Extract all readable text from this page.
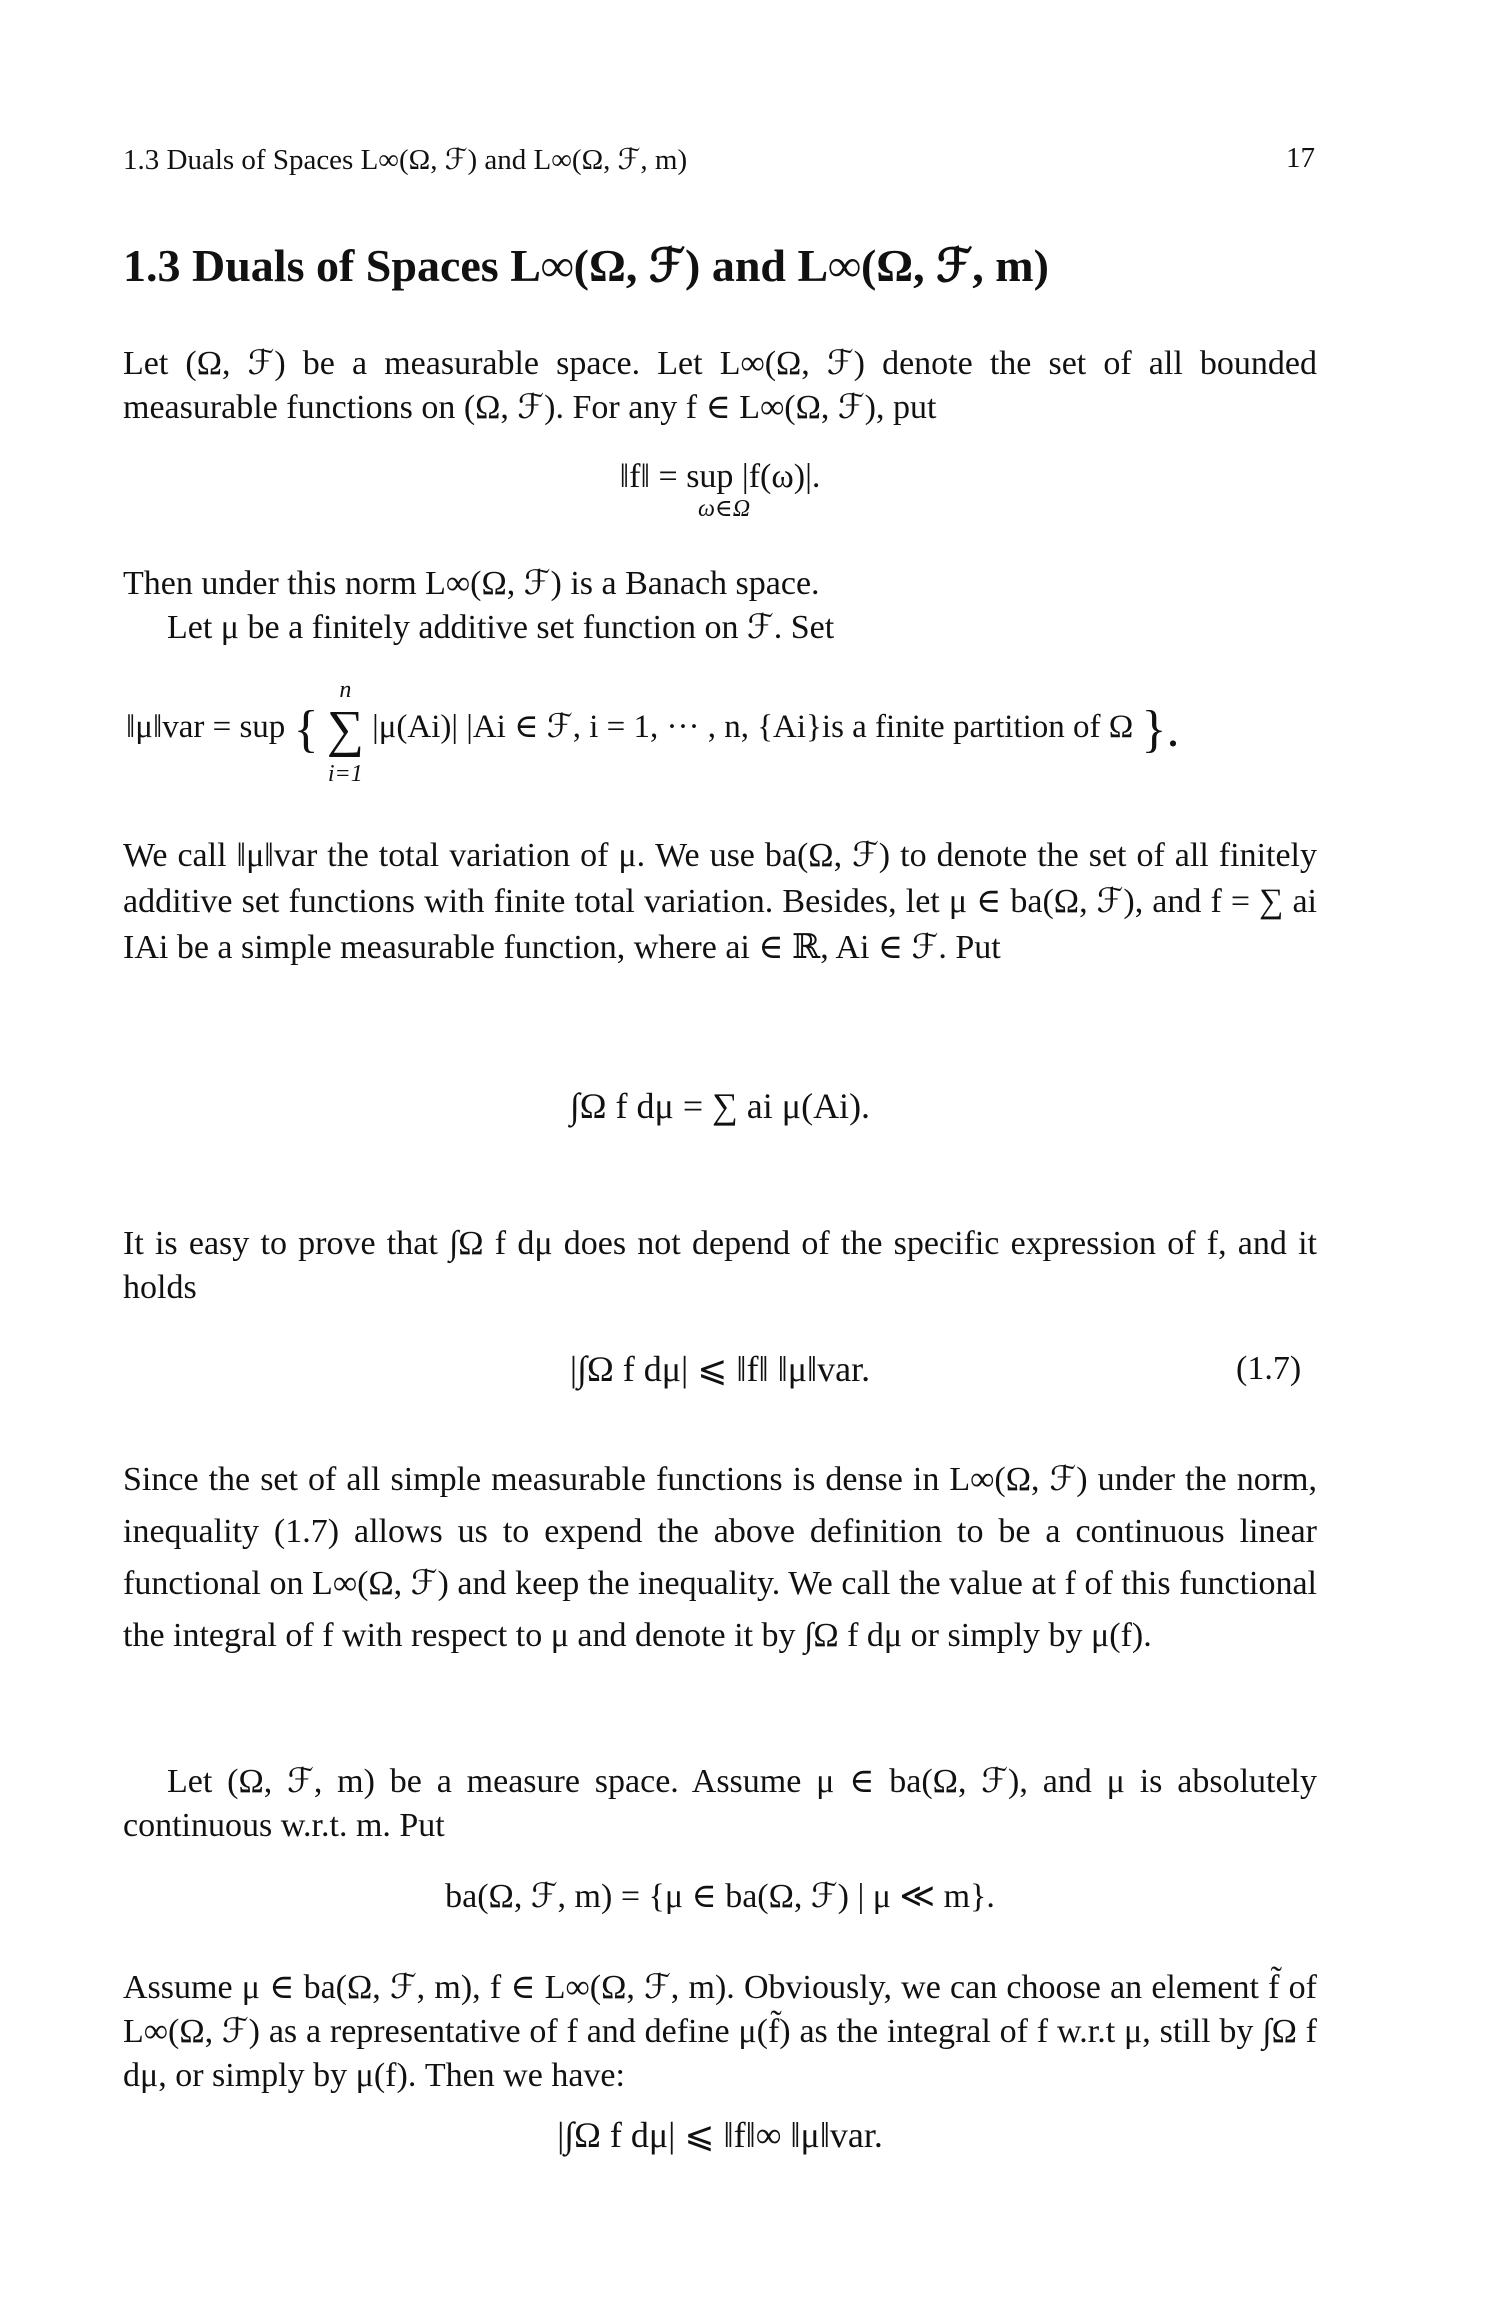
1.3 Duals of Spaces L∞(Ω, ℱ) and L∞(Ω, ℱ, m)	17
1.3 Duals of Spaces L∞(Ω, ℱ) and L∞(Ω, ℱ, m)
Let (Ω, ℱ) be a measurable space. Let L∞(Ω, ℱ) denote the set of all bounded measurable functions on (Ω, ℱ). For any f ∈ L∞(Ω, ℱ), put
‖f‖ = sup |f(ω)|.
ω∈Ω
Then under this norm L∞(Ω, ℱ) is a Banach space.
Let μ be a finitely additive set function on ℱ. Set
‖μ‖var = sup { ∑
n
i=1
|μ(Ai)| |Ai ∈ ℱ, i = 1, ··· , n, {Ai}is a finite partition of Ω }.
We call ‖μ‖var the total variation of μ. We use ba(Ω, ℱ) to denote the set of all finitely additive set functions with finite total variation. Besides, let μ ∈ ba(Ω, ℱ), and f = ∑ ai IAi be a simple measurable function, where ai ∈ ℝ, Ai ∈ ℱ. Put
∫Ω f dμ = ∑ ai μ(Ai).
It is easy to prove that ∫Ω f dμ does not depend of the specific expression of f, and it holds
|∫Ω f dμ| ⩽ ‖f‖ ‖μ‖var.	(1.7)
Since the set of all simple measurable functions is dense in L∞(Ω, ℱ) under the norm, inequality (1.7) allows us to expend the above definition to be a continuous linear functional on L∞(Ω, ℱ) and keep the inequality. We call the value at f of this functional the integral of f with respect to μ and denote it by ∫Ω f dμ or simply by μ(f).
Let (Ω, ℱ, m) be a measure space. Assume μ ∈ ba(Ω, ℱ), and μ is absolutely continuous w.r.t. m. Put
ba(Ω, ℱ, m) = {μ ∈ ba(Ω, ℱ) | μ ≪ m}.
Assume μ ∈ ba(Ω, ℱ, m), f ∈ L∞(Ω, ℱ, m). Obviously, we can choose an element f̃ of L∞(Ω, ℱ) as a representative of f and define μ(f̃) as the integral of f w.r.t μ, still by ∫Ω f dμ, or simply by μ(f). Then we have:
|∫Ω f dμ| ⩽ ‖f‖∞ ‖μ‖var.
